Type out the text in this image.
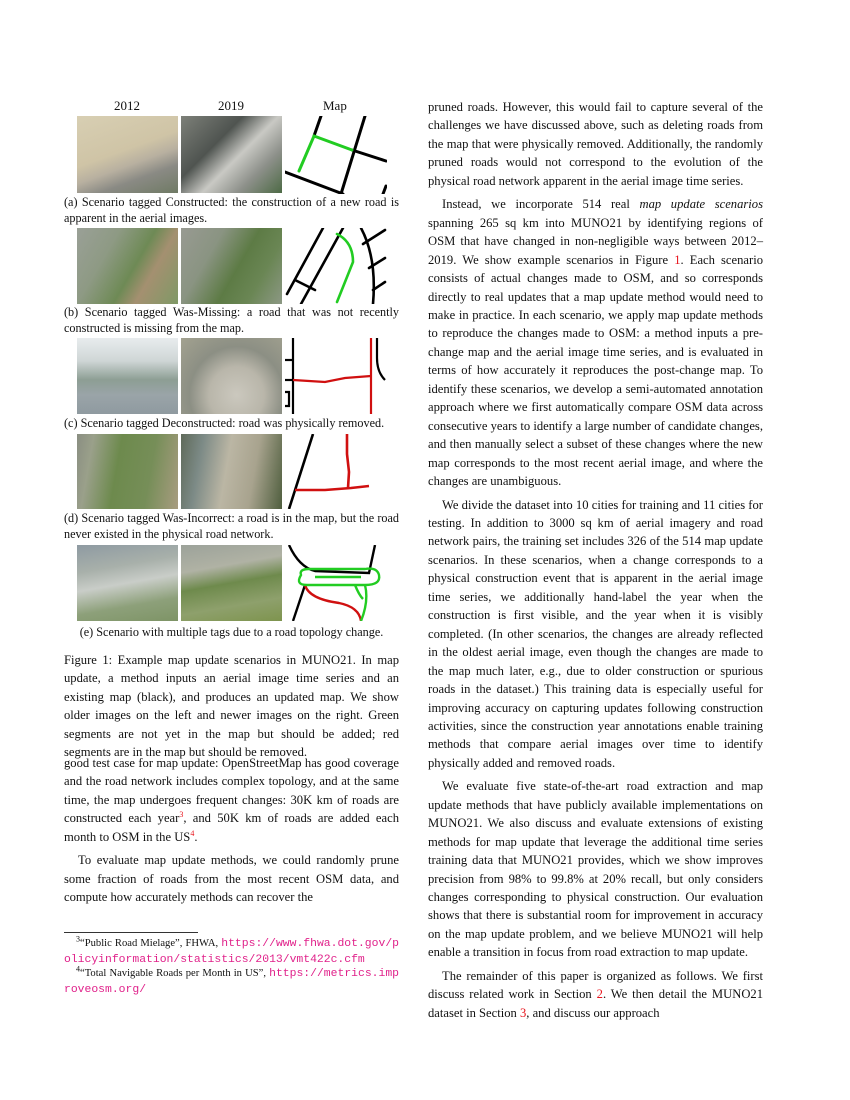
2012	2019	Map
(a) Scenario tagged Constructed: the construction of a new road is apparent in the aerial images.
(b) Scenario tagged Was-Missing: a road that was not recently constructed is missing from the map.
(c) Scenario tagged Deconstructed: road was physically removed.
(d) Scenario tagged Was-Incorrect: a road is in the map, but the road never existed in the physical road network.
(e) Scenario with multiple tags due to a road topology change.
Figure 1: Example map update scenarios in MUNO21. In map update, a method inputs an aerial image time series and an existing map (black), and produces an updated map. We show older images on the left and newer images on the right. Green segments are not yet in the map but should be added; red segments are in the map but should be removed.

good test case for map update: OpenStreetMap has good coverage and the road network includes complex topology, and at the same time, the map undergoes frequent changes: 30K km of roads are constructed each year$^3$, and 50K km of roads are added each month to OSM in the US$^4$.

To evaluate map update methods, we could randomly prune some fraction of roads from the most recent OSM data, and compute how accurately methods can recover the

$^3$“Public Road Mielage”, FHWA, https://www.fhwa.dot.gov/policyinformation/statistics/2013/vmt422c.cfm
$^4$“Total Navigable Roads per Month in US”, https://metrics.improveosm.org/

pruned roads. However, this would fail to capture several of the challenges we have discussed above, such as deleting roads from the map that were physically removed. Additionally, the randomly pruned roads would not correspond to the evolution of the physical road network apparent in the aerial image time series.

Instead, we incorporate 514 real map update scenarios spanning 265 sq km into MUNO21 by identifying regions of OSM that have changed in non-negligible ways between 2012–2019. We show example scenarios in Figure 1. Each scenario consists of actual changes made to OSM, and so corresponds directly to real updates that a map update method would need to make in practice. In each scenario, we apply map update methods to reproduce the changes made to OSM: a method inputs a pre-change map and the aerial image time series, and is evaluated in terms of how accurately it reproduces the post-change map. To identify these scenarios, we develop a semi-automated annotation approach where we first automatically compare OSM data across consecutive years to identify a large number of candidate changes, and then manually select a subset of these changes where the new map corresponds to the most recent aerial image, and where the changes are unambiguous.

We divide the dataset into 10 cities for training and 11 cities for testing. In addition to 3000 sq km of aerial imagery and road network pairs, the training set includes 326 of the 514 map update scenarios. In these scenarios, when a change corresponds to a physical construction event that is apparent in the aerial image time series, we additionally hand-label the year when the construction is first visible, and the year when it is visibly completed. (In other scenarios, the changes are already reflected in the oldest aerial image, even though the changes are made to the map much later, e.g., due to older construction or spurious roads in the dataset.) This training data is especially useful for improving accuracy on capturing updates following construction activities, since the construction year annotations enable training methods that compare aerial images over time to identify physically added and removed roads.

We evaluate five state-of-the-art road extraction and map update methods that have publicly available implementations on MUNO21. We also discuss and evaluate extensions of existing methods for map update that leverage the additional time series training data that MUNO21 provides, which we show improves precision from 98% to 99.8% at 20% recall, but only considers changes corresponding to physical construction. Our evaluation shows that there is substantial room for improvement in accuracy on the map update problem, and we believe MUNO21 will help enable a transition in focus from road extraction to map update.

The remainder of this paper is organized as follows. We first discuss related work in Section 2. We then detail the MUNO21 dataset in Section 3, and discuss our approach
